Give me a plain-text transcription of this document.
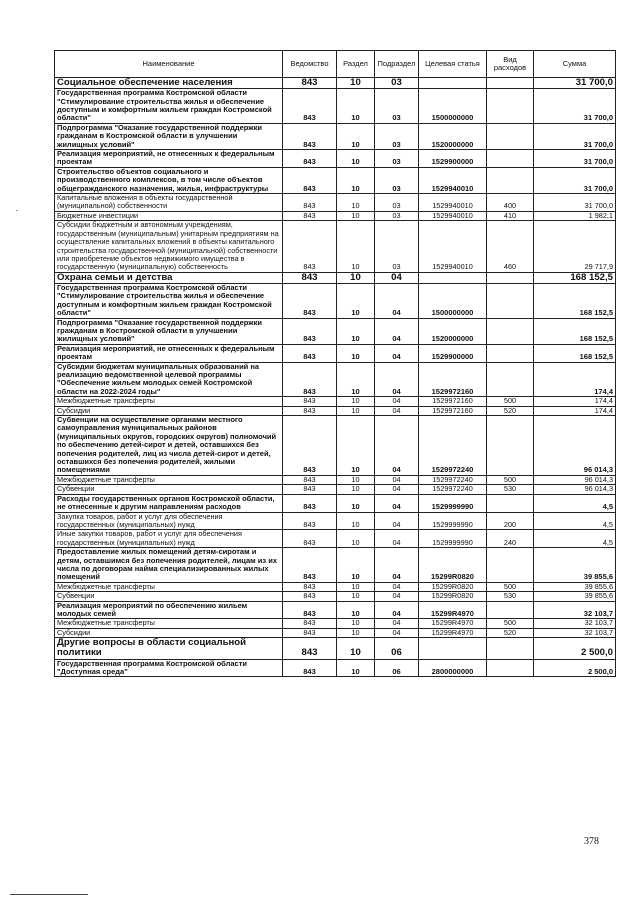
Наименование	Ведомство	Раздел	Подраздел	Целевая статья	Вид расходов	Сумма
Социальное обеспечение населения	843	10	03			31 700,0
Государственная программа Костромской области "Стимулирование строительства жилья и обеспечение доступным и комфортным жильем граждан Костромской области"	843	10	03	1500000000		31 700,0
Подпрограмма "Оказание государственной поддержки гражданам в Костромской области в улучшении жилищных условий"	843	10	03	1520000000		31 700,0
Реализация мероприятий, не отнесенных к федеральным проектам	843	10	03	1529900000		31 700,0
Строительство объектов социального и производственного комплексов, в том числе объектов общегражданского назначения, жилья, инфраструктуры	843	10	03	1529940010		31 700,0
Капитальные вложения в объекты государственной (муниципальной) собственности	843	10	03	1529940010	400	31 700,0
Бюджетные инвестиции	843	10	03	1529940010	410	1 982,1
Субсидии бюджетным и автономным учреждениям, государственным (муниципальным) унитарным предприятиям на осуществление капитальных вложений в объекты капитального строительства государственной (муниципальной) собственности или приобретение объектов недвижимого имущества в государственную (муниципальную) собственность	843	10	03	1529940010	460	29 717,9
Охрана семьи и детства	843	10	04			168 152,5
Государственная программа Костромской области "Стимулирование строительства жилья и обеспечение доступным и комфортным жильем граждан Костромской области"	843	10	04	1500000000		168 152,5
Подпрограмма "Оказание государственной поддержки гражданам в Костромской области в улучшении жилищных условий"	843	10	04	1520000000		168 152,5
Реализация мероприятий, не отнесенных к федеральным проектам	843	10	04	1529900000		168 152,5
Субсидии бюджетам муниципальных образований на реализацию ведомственной целевой программы "Обеспечение жильем молодых семей Костромской области на 2022-2024 годы"	843	10	04	1529972160		174,4
Межбюджетные трансферты	843	10	04	1529972160	500	174,4
Субсидии	843	10	04	1529972160	520	174,4
Субвенции на осуществление органами местного самоуправления муниципальных районов (муниципальных округов, городских округов) полномочий по обеспечению детей-сирот и детей, оставшихся без попечения родителей, лиц из числа детей-сирот и детей, оставшихся без попечения родителей, жилыми помещениями	843	10	04	1529972240		96 014,3
Межбюджетные трансферты	843	10	04	1529972240	500	96 014,3
Субвенции	843	10	04	1529972240	530	96 014,3
Расходы государственных органов Костромской области, не отнесенные к другим направлениям расходов	843	10	04	1529999990		4,5
Закупка товаров, работ и услуг для обеспечения государственных (муниципальных) нужд	843	10	04	1529999990	200	4,5
Иные закупки товаров, работ и услуг для обеспечения государственных (муниципальных) нужд	843	10	04	1529999990	240	4,5
Предоставление жилых помещений детям-сиротам и детям, оставшимся без попечения родителей, лицам из их числа по договорам найма специализированных жилых помещений	843	10	04	15299R0820		39 855,6
Межбюджетные трансферты	843	10	04	15299R0820	500	39 855,6
Субвенции	843	10	04	15299R0820	530	39 855,6
Реализация мероприятий по обеспечению жильем молодых семей	843	10	04	15299R4970		32 103,7
Межбюджетные трансферты	843	10	04	15299R4970	500	32 103,7
Субсидии	843	10	04	15299R4970	520	32 103,7
Другие вопросы в области социальной политики	843	10	06			2 500,0
Государственная программа Костромской области "Доступная среда"	843	10	06	2800000000		2 500,0
378
